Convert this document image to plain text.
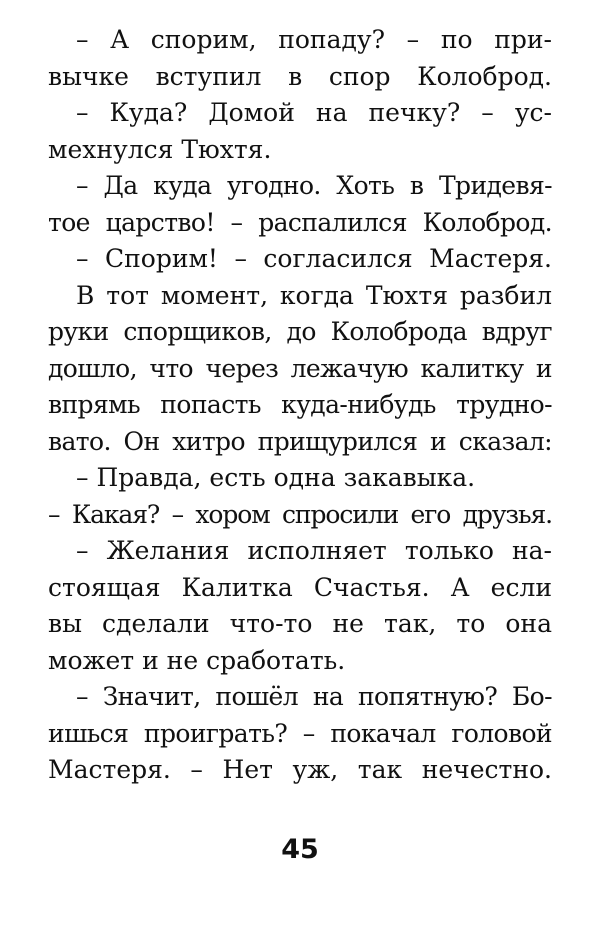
– А спорим, попаду? – по при-
вычке вступил в спор Колоброд.
– Куда? Домой на печку? – ус-
мехнулся Тюхтя.
– Да куда угодно. Хоть в Тридевя-
тое царство! – распалился Колоброд.
– Спорим! – согласился Мастеря.
В тот момент, когда Тюхтя разбил
руки спорщиков, до Колоброда вдруг
дошло, что через лежачую калитку и
впрямь попасть куда-нибудь трудно-
вато. Он хитро прищурился и сказал:
– Правда, есть одна закавыка.
– Какая? – хором спросили его друзья.
– Желания исполняет только на-
стоящая Калитка Счастья. А если
вы сделали что-то не так, то она
может и не сработать.
– Значит, пошёл на попятную? Бо-
ишься проиграть? – покачал головой
Мастеря. – Нет уж, так нечестно.
45
